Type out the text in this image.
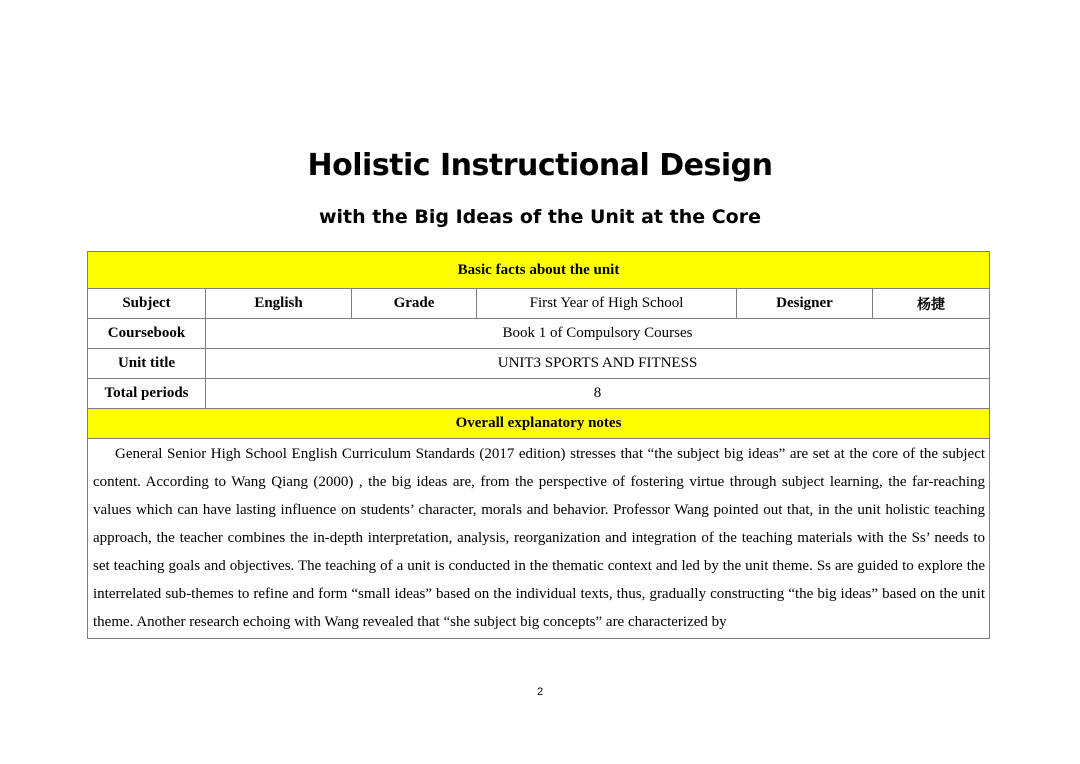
Holistic Instructional Design
with the Big Ideas of the Unit at the Core
Basic facts about the unit					
Subject	English	Grade	First Year of High School	Designer	杨捷
Coursebook	Book 1 of Compulsory Courses				
Unit title	UNIT3 SPORTS AND FITNESS				
Total periods	8				
Overall explanatory notes					

General Senior High School English Curriculum Standards (2017 edition) stresses that “the subject big ideas” are set at the core of the subject content. According to Wang Qiang (2000) , the big ideas are, from the perspective of fostering virtue through subject learning, the far-reaching values which can have lasting influence on students’ character, morals and behavior. Professor Wang pointed out that, in the unit holistic teaching approach, the teacher combines the in-depth interpretation, analysis, reorganization and integration of the teaching materials with the Ss’ needs to set teaching goals and objectives. The teaching of a unit is conducted in the thematic context and led by the unit theme. Ss are guided to explore the interrelated sub-themes to refine and form “small ideas” based on the individual texts, thus, gradually constructing “the big ideas” based on the unit theme. Another research echoing with Wang revealed that “she subject big concepts” are characterized by					

2
